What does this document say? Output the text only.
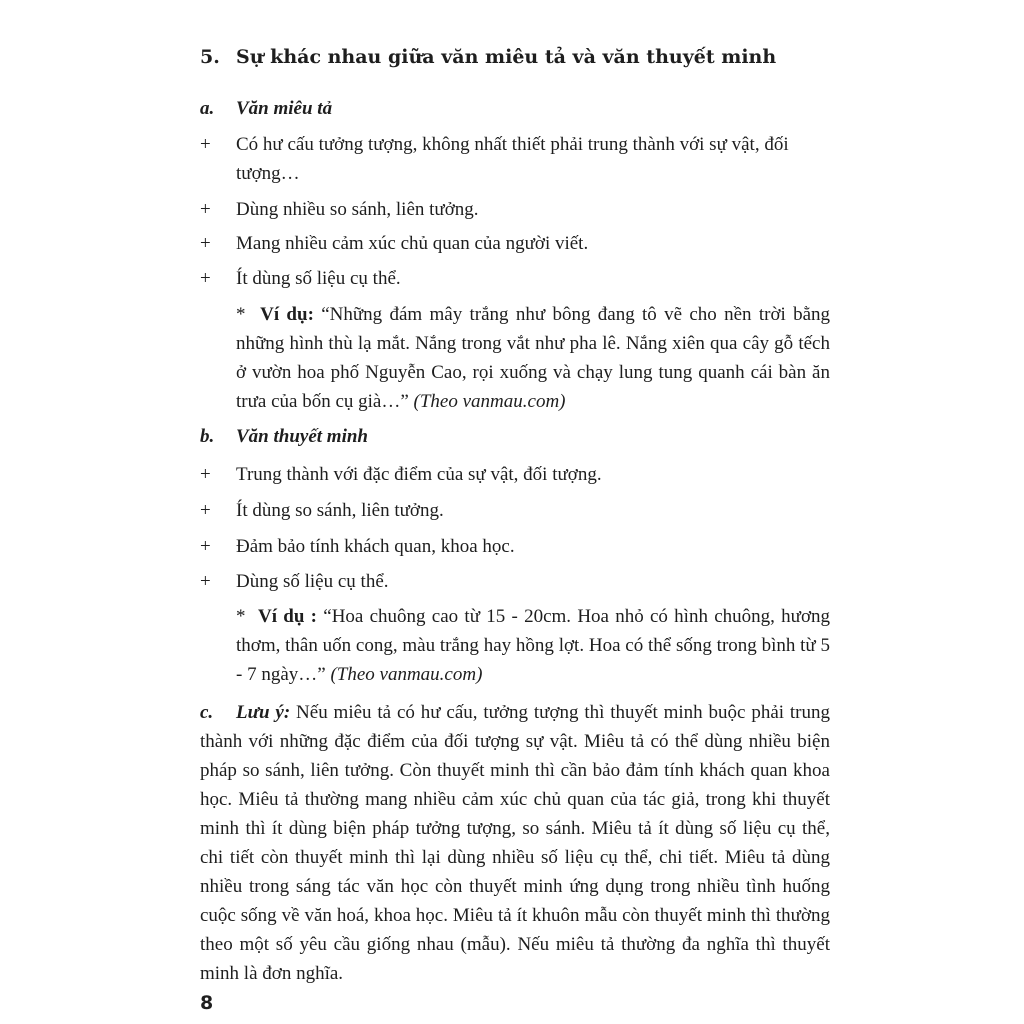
5. Sự khác nhau giữa văn miêu tả và văn thuyết minh
a. Văn miêu tả
+ Có hư cấu tưởng tượng, không nhất thiết phải trung thành với sự vật, đối tượng…
+ Dùng nhiều so sánh, liên tưởng.
+ Mang nhiều cảm xúc chủ quan của người viết.
+ Ít dùng số liệu cụ thể.
* Ví dụ: “Những đám mây trắng như bông đang tô vẽ cho nền trời bằng những hình thù lạ mắt. Nắng trong vắt như pha lê. Nắng xiên qua cây gỗ tếch ở vườn hoa phố Nguyễn Cao, rọi xuống và chạy lung tung quanh cái bàn ăn trưa của bốn cụ già…” (Theo vanmau.com)
b. Văn thuyết minh
+ Trung thành với đặc điểm của sự vật, đối tượng.
+ Ít dùng so sánh, liên tưởng.
+ Đảm bảo tính khách quan, khoa học.
+ Dùng số liệu cụ thể.
* Ví dụ : “Hoa chuông cao từ 15 - 20cm. Hoa nhỏ có hình chuông, hương thơm, thân uốn cong, màu trắng hay hồng lợt. Hoa có thể sống trong bình từ 5 - 7 ngày…” (Theo vanmau.com)
c. Lưu ý: Nếu miêu tả có hư cấu, tưởng tượng thì thuyết minh buộc phải trung thành với những đặc điểm của đối tượng sự vật. Miêu tả có thể dùng nhiều biện pháp so sánh, liên tưởng. Còn thuyết minh thì cần bảo đảm tính khách quan khoa học. Miêu tả thường mang nhiều cảm xúc chủ quan của tác giả, trong khi thuyết minh thì ít dùng biện pháp tưởng tượng, so sánh. Miêu tả ít dùng số liệu cụ thể, chi tiết còn thuyết minh thì lại dùng nhiều số liệu cụ thể, chi tiết. Miêu tả dùng nhiều trong sáng tác văn học còn thuyết minh ứng dụng trong nhiều tình huống cuộc sống về văn hoá, khoa học. Miêu tả ít khuôn mẫu còn thuyết minh thì thường theo một số yêu cầu giống nhau (mẫu). Nếu miêu tả thường đa nghĩa thì thuyết minh là đơn nghĩa.
8
